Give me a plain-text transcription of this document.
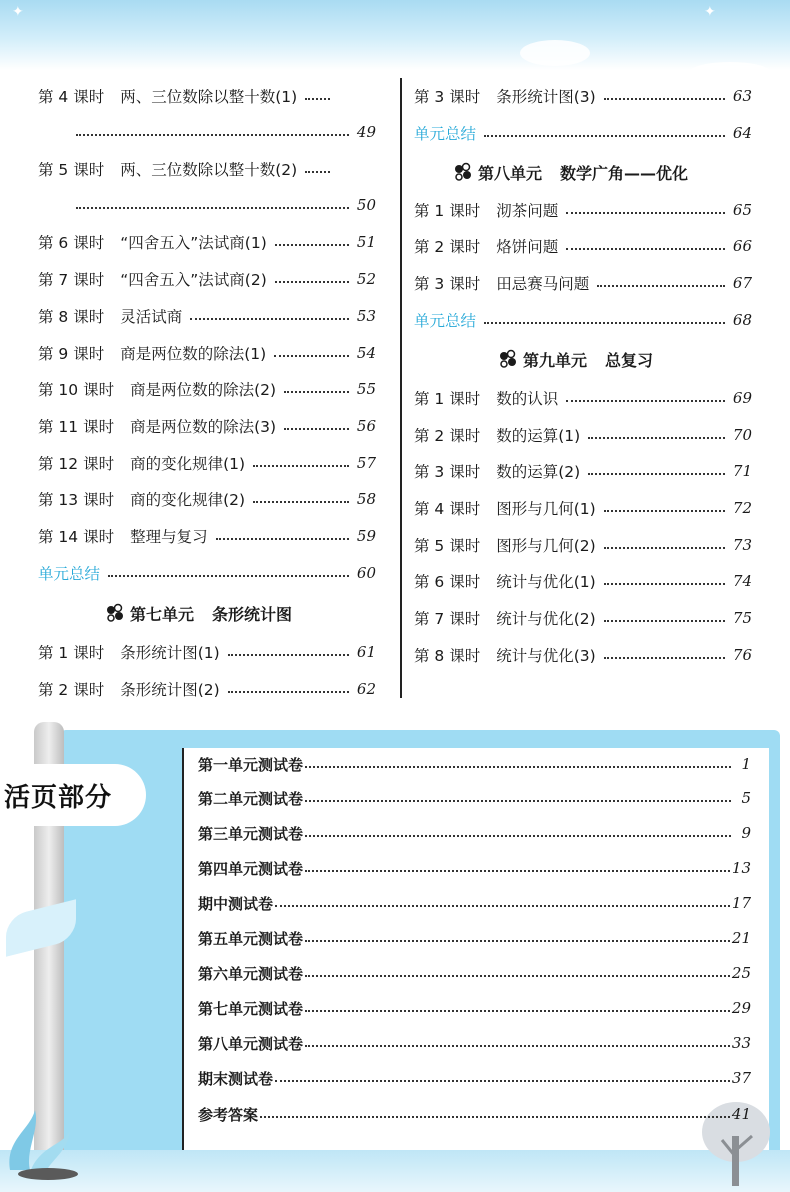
✦	✦
第 4 课时 两、三位数除以整十数(1)
49
第 5 课时 两、三位数除以整十数(2)
50
第 6 课时 “四舍五入”法试商(1)	51
第 7 课时 “四舍五入”法试商(2)	52
第 8 课时 灵活试商	53
第 9 课时 商是两位数的除法(1)	54
第 10 课时 商是两位数的除法(2)	55
第 11 课时 商是两位数的除法(3)	56
第 12 课时 商的变化规律(1)	57
第 13 课时 商的变化规律(2)	58
第 14 课时 整理与复习	59
单元总结	60
第七单元 条形统计图
第 1 课时 条形统计图(1)	61
第 2 课时 条形统计图(2)	62
第 3 课时 条形统计图(3)	63
单元总结	64
第八单元 数学广角——优化
第 1 课时 沏茶问题	65
第 2 课时 烙饼问题	66
第 3 课时 田忌赛马问题	67
单元总结	68
第九单元 总复习
第 1 课时 数的认识	69
第 2 课时 数的运算(1)	70
第 3 课时 数的运算(2)	71
第 4 课时 图形与几何(1)	72
第 5 课时 图形与几何(2)	73
第 6 课时 统计与优化(1)	74
第 7 课时 统计与优化(2)	75
第 8 课时 统计与优化(3)	76
活页部分
第一单元测试卷	1
第二单元测试卷	5
第三单元测试卷	9
第四单元测试卷	13
期中测试卷	17
第五单元测试卷	21
第六单元测试卷	25
第七单元测试卷	29
第八单元测试卷	33
期末测试卷	37
参考答案	41
